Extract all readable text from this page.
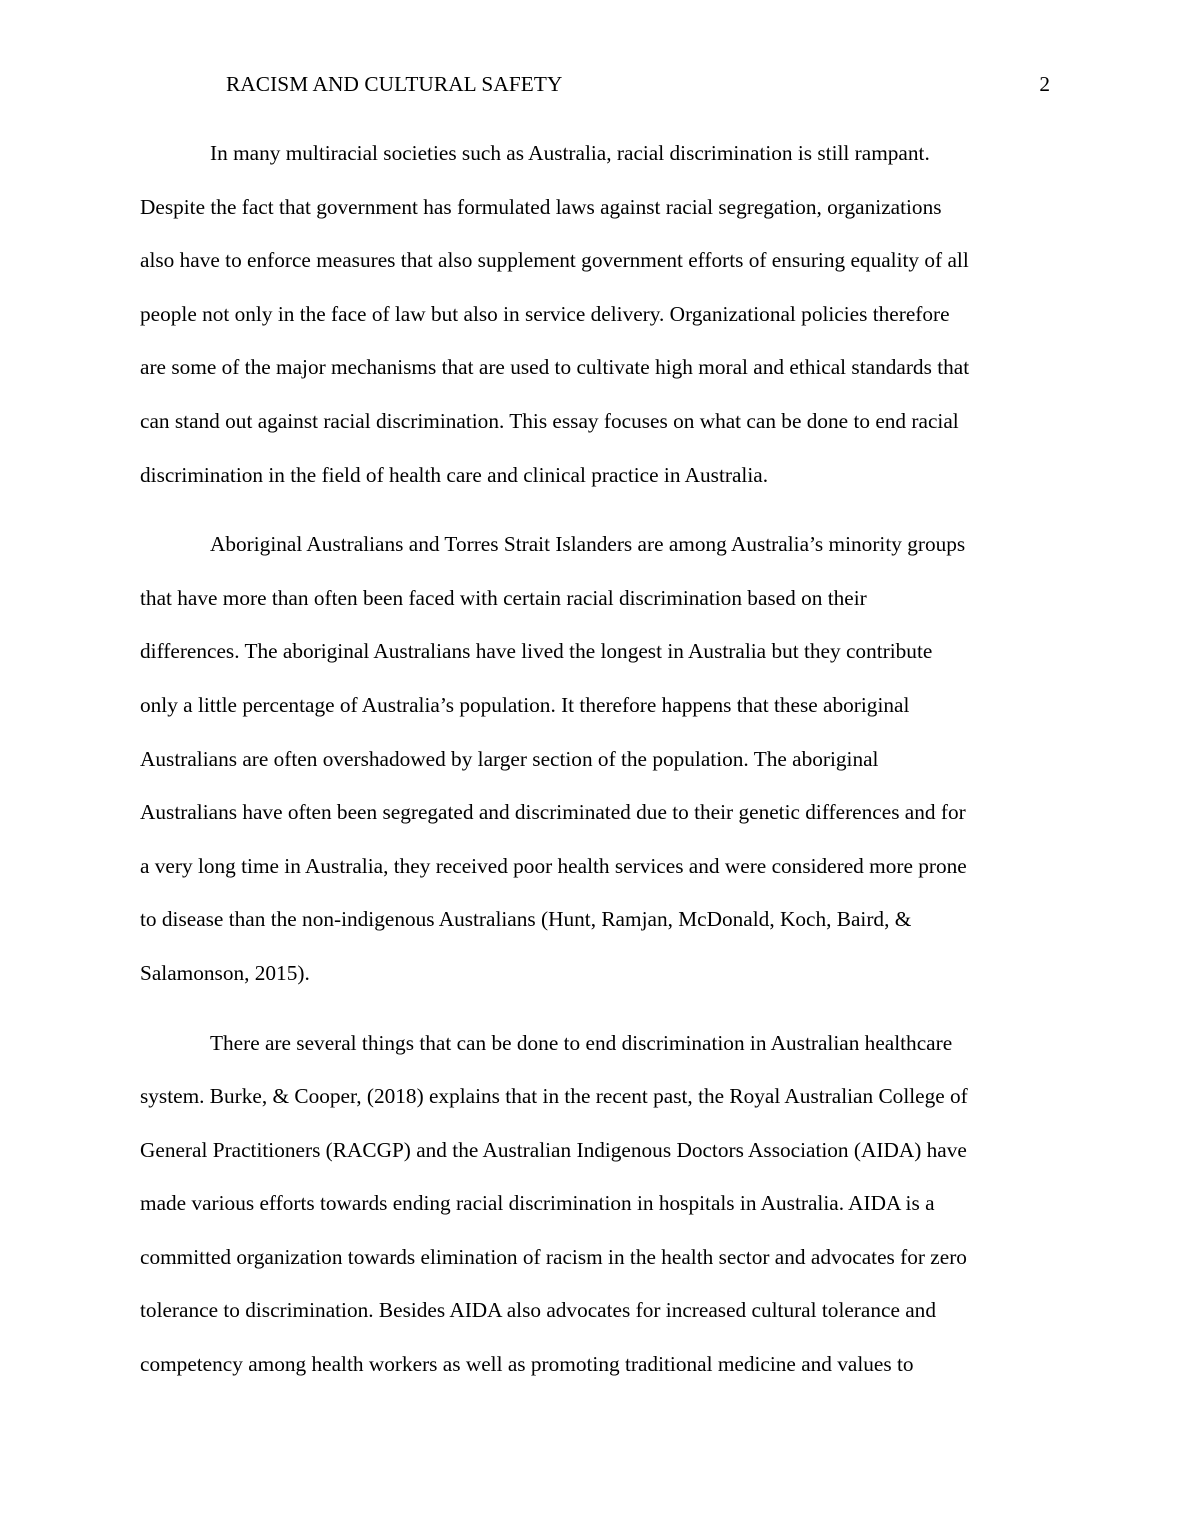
RACISM AND CULTURAL SAFETY	2

In many multiracial societies such as Australia, racial discrimination is still rampant.
Despite the fact that government has formulated laws against racial segregation, organizations
also have to enforce measures that also supplement government efforts of ensuring equality of all
people not only in the face of law but also in service delivery. Organizational policies therefore
are some of the major mechanisms that are used to cultivate high moral and ethical standards that
can stand out against racial discrimination. This essay focuses on what can be done to end racial
discrimination in the field of health care and clinical practice in Australia.

Aboriginal Australians and Torres Strait Islanders are among Australia’s minority groups
that have more than often been faced with certain racial discrimination based on their
differences. The aboriginal Australians have lived the longest in Australia but they contribute
only a little percentage of Australia’s population. It therefore happens that these aboriginal
Australians are often overshadowed by larger section of the population. The aboriginal
Australians have often been segregated and discriminated due to their genetic differences and for
a very long time in Australia, they received poor health services and were considered more prone
to disease than the non-indigenous Australians (Hunt, Ramjan, McDonald, Koch, Baird, &
Salamonson, 2015).

There are several things that can be done to end discrimination in Australian healthcare
system. Burke, & Cooper, (2018) explains that in the recent past, the Royal Australian College of
General Practitioners (RACGP) and the Australian Indigenous Doctors Association (AIDA) have
made various efforts towards ending racial discrimination in hospitals in Australia. AIDA is a
committed organization towards elimination of racism in the health sector and advocates for zero
tolerance to discrimination. Besides AIDA also advocates for increased cultural tolerance and
competency among health workers as well as promoting traditional medicine and values to
